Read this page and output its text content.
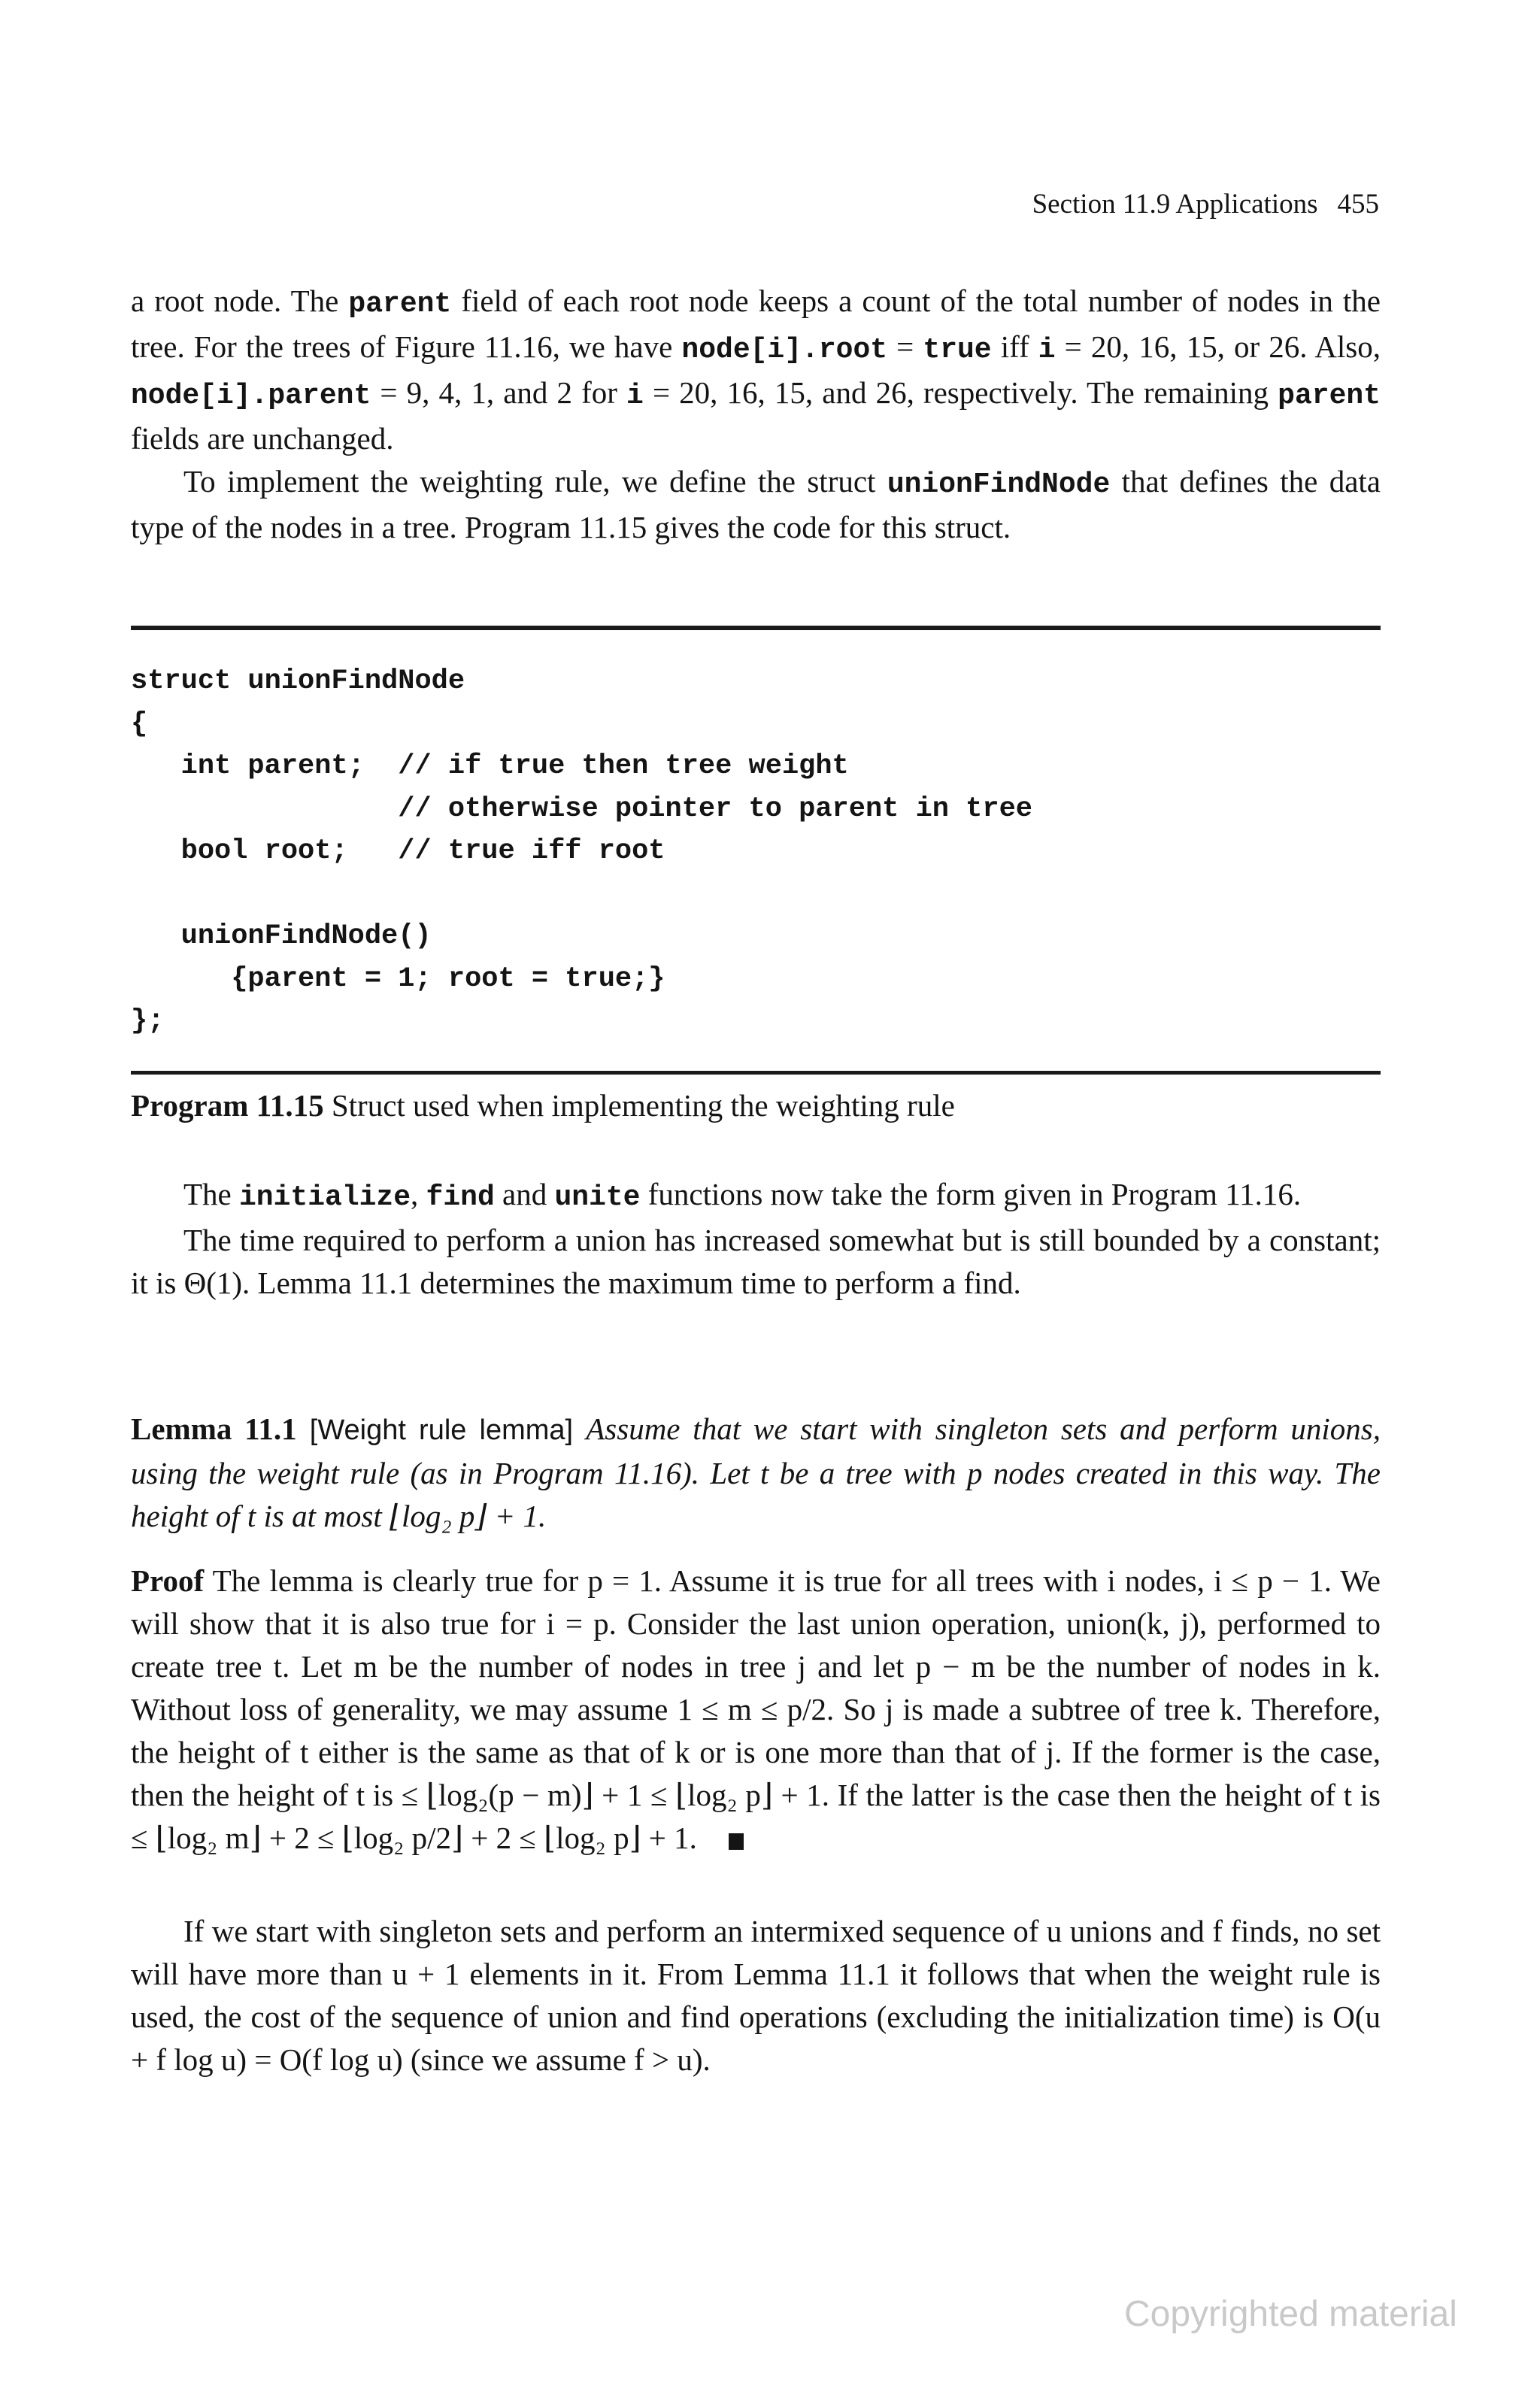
Section 11.9 Applications 455

a root node. The parent field of each root node keeps a count of the total number of nodes in the tree. For the trees of Figure 11.16, we have node[i].root = true iff i = 20, 16, 15, or 26. Also, node[i].parent = 9, 4, 1, and 2 for i = 20, 16, 15, and 26, respectively. The remaining parent fields are unchanged.

To implement the weighting rule, we define the struct unionFindNode that defines the data type of the nodes in a tree. Program 11.15 gives the code for this struct.

struct unionFindNode
{
int parent;  // if true then tree weight
// otherwise pointer to parent in tree
bool root;   // true iff root
unionFindNode()
{parent = 1; root = true;}
};
Program 11.15 Struct used when implementing the weighting rule

The initialize, find and unite functions now take the form given in Program 11.16.

The time required to perform a union has increased somewhat but is still bounded by a constant; it is Θ(1). Lemma 11.1 determines the maximum time to perform a find.

Lemma 11.1 [Weight rule lemma] Assume that we start with singleton sets and perform unions, using the weight rule (as in Program 11.16). Let t be a tree with p nodes created in this way. The height of t is at most ⌊log₂ p⌋ + 1.

Proof The lemma is clearly true for p = 1. Assume it is true for all trees with i nodes, i ≤ p − 1. We will show that it is also true for i = p. Consider the last union operation, union(k, j), performed to create tree t. Let m be the number of nodes in tree j and let p − m be the number of nodes in k. Without loss of generality, we may assume 1 ≤ m ≤ p/2. So j is made a subtree of tree k. Therefore, the height of t either is the same as that of k or is one more than that of j. If the former is the case, then the height of t is ≤ ⌊log₂(p − m)⌋ + 1 ≤ ⌊log₂ p⌋ + 1. If the latter is the case then the height of t is ≤ ⌊log₂ m⌋ + 2 ≤ ⌊log₂ p/2⌋ + 2 ≤ ⌊log₂ p⌋ + 1.

If we start with singleton sets and perform an intermixed sequence of u unions and f finds, no set will have more than u + 1 elements in it. From Lemma 11.1 it follows that when the weight rule is used, the cost of the sequence of union and find operations (excluding the initialization time) is O(u + f log u) = O(f log u) (since we assume f > u).

Copyrighted material
